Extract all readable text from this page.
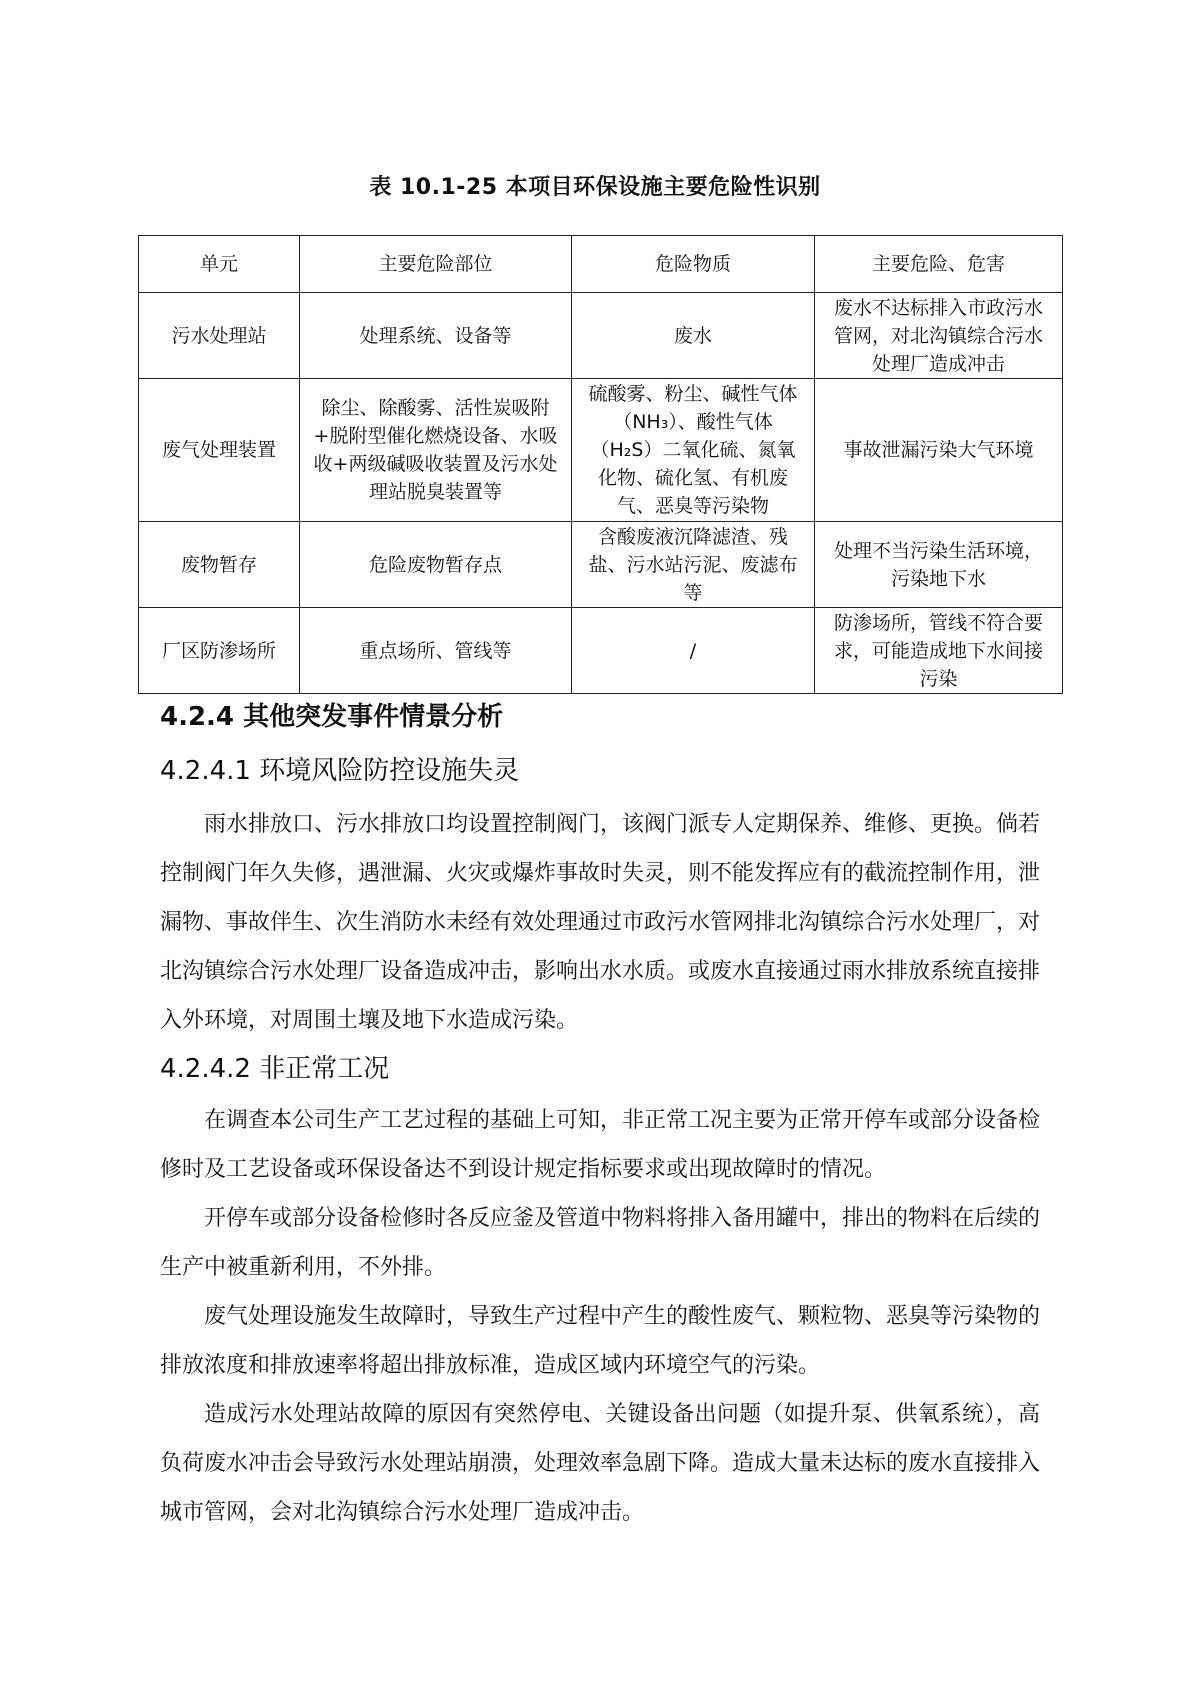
表 10.1-25 本项目环保设施主要危险性识别
单元	主要危险部位	危险物质	主要危险、危害
污水处理站	处理系统、设备等	废水	废水不达标排入市政污水管网，对北沟镇综合污水处理厂造成冲击
废气处理装置	除尘、除酸雾、活性炭吸附+脱附型催化燃烧设备、水吸收+两级碱吸收装置及污水处理站脱臭装置等	硫酸雾、粉尘、碱性气体（NH₃）、酸性气体（H₂S）二氧化硫、氮氧化物、硫化氢、有机废气、恶臭等污染物	事故泄漏污染大气环境
废物暂存	危险废物暂存点	含酸废液沉降滤渣、残盐、污水站污泥、废滤布等	处理不当污染生活环境，污染地下水
厂区防渗场所	重点场所、管线等	/	防渗场所，管线不符合要求，可能造成地下水间接污染
4.2.4 其他突发事件情景分析
4.2.4.1 环境风险防控设施失灵
雨水排放口、污水排放口均设置控制阀门，该阀门派专人定期保养、维修、更换。倘若控制阀门年久失修，遇泄漏、火灾或爆炸事故时失灵，则不能发挥应有的截流控制作用，泄漏物、事故伴生、次生消防水未经有效处理通过市政污水管网排北沟镇综合污水处理厂，对北沟镇综合污水处理厂设备造成冲击，影响出水水质。或废水直接通过雨水排放系统直接排入外环境，对周围土壤及地下水造成污染。
4.2.4.2 非正常工况
在调查本公司生产工艺过程的基础上可知，非正常工况主要为正常开停车或部分设备检修时及工艺设备或环保设备达不到设计规定指标要求或出现故障时的情况。
开停车或部分设备检修时各反应釜及管道中物料将排入备用罐中，排出的物料在后续的生产中被重新利用，不外排。
废气处理设施发生故障时，导致生产过程中产生的酸性废气、颗粒物、恶臭等污染物的排放浓度和排放速率将超出排放标准，造成区域内环境空气的污染。
造成污水处理站故障的原因有突然停电、关键设备出问题（如提升泵、供氧系统），高负荷废水冲击会导致污水处理站崩溃，处理效率急剧下降。造成大量未达标的废水直接排入城市管网，会对北沟镇综合污水处理厂造成冲击。
